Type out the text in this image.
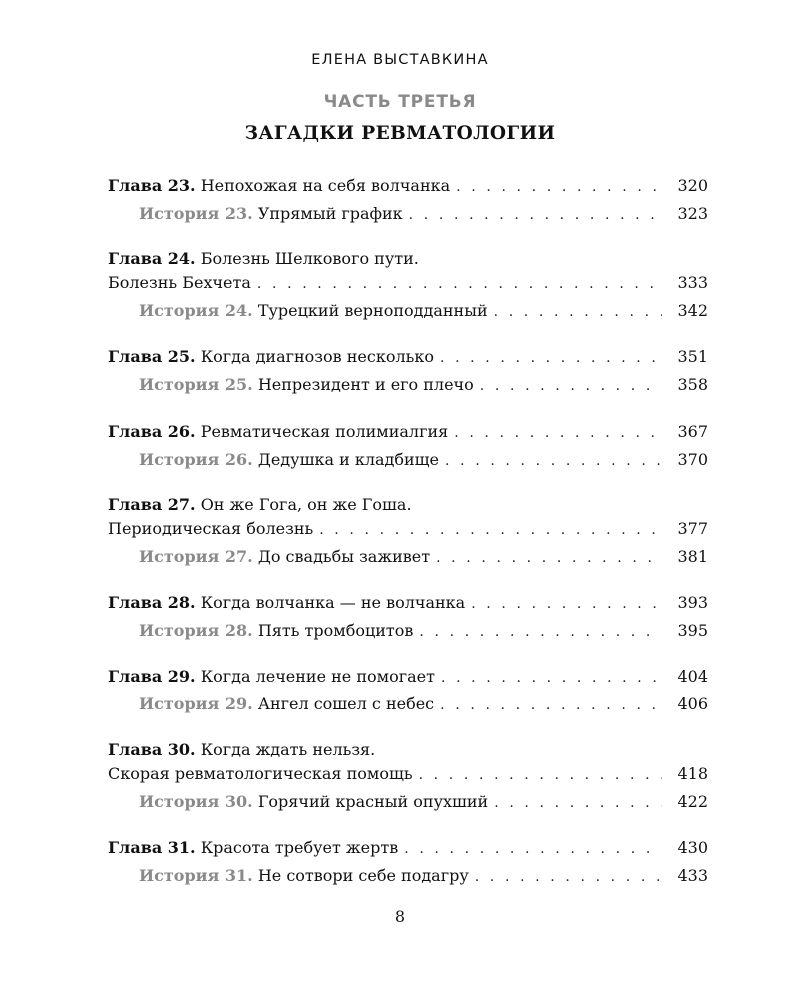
ЕЛЕНА ВЫСТАВКИНА
ЧАСТЬ ТРЕТЬЯ
ЗАГАДКИ РЕВМАТОЛОГИИ
Глава 23. Непохожая на себя волчанка . . .	320
История 23. Упрямый график . . .	323
Глава 24. Болезнь Шелкового пути.
Болезнь Бехчета . . .	333
История 24. Турецкий верноподданный . . .	342
Глава 25. Когда диагнозов несколько . . .	351
История 25. Непрезидент и его плечо . . .	358
Глава 26. Ревматическая полимиалгия . . .	367
История 26. Дедушка и кладбище . . .	370
Глава 27. Он же Гога, он же Гоша.
Периодическая болезнь . . .	377
История 27. До свадьбы заживет . . .	381
Глава 28. Когда волчанка — не волчанка . . .	393
История 28. Пять тромбоцитов . . .	395
Глава 29. Когда лечение не помогает . . .	404
История 29. Ангел сошел с небес . . .	406
Глава 30. Когда ждать нельзя.
Скорая ревматологическая помощь . . .	418
История 30. Горячий красный опухший . . .	422
Глава 31. Красота требует жертв . . .	430
История 31. Не сотвори себе подагру . . .	433
8
